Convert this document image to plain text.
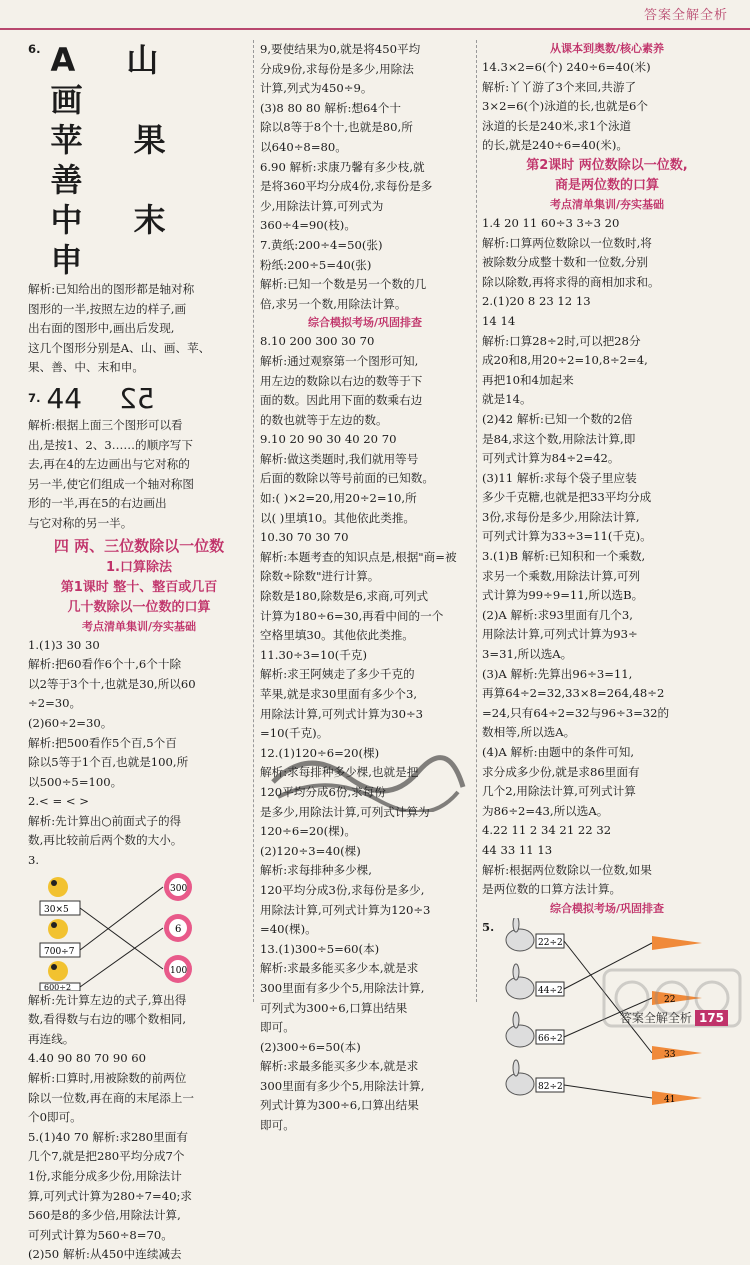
答案全解全析
6. A 山 画
苹 果 善
中 末 申

解析:已知给出的图形都是轴对称

图形的一半,按照左边的样子,画

出右面的图形中,画出后发现,

这几个图形分别是A、山、画、苹、

果、善、中、末和申。

7. 44 52

解析:根据上面三个图形可以看

出,是按1、2、3……的顺序写下

去,再在4的左边画出与它对称的

另一半,使它们组成一个轴对称图

形的一半,再在5的右边画出

与它对称的另一半。

四 两、三位数除以一位数
1.口算除法
第1课时 整十、整百或几百
几十数除以一位数的口算
考点清单集训/夯实基础

1.(1)3 30 30

解析:把60看作6个十,6个十除

以2等于3个十,也就是30,所以60

÷2=30。

(2)60÷2=30。

解析:把500看作5个百,5个百

除以5等于1个百,也就是100,所

以500÷5=100。

2.< = < >

解析:先计算出○前面式子的得

数,再比较前后两个数的大小。

3.

30×5
700÷7
600÷2
300
6
100

解析:先计算左边的式子,算出得

数,看得数与右边的哪个数相同,

再连线。

4.40 90 80 70 90 60

解析:口算时,用被除数的前两位

除以一位数,再在商的末尾添上一

个0即可。

5.(1)40 70 解析:求280里面有

几个7,就是把280平均分成7个

1份,求能分成多少份,用除法计

算,可列式计算为280÷7=40;求

560是8的多少倍,用除法计算,

可列式计算为560÷8=70。

(2)50 解析:从450中连续减去

9,要使结果为0,就是将450平均

分成9份,求每份是多少,用除法

计算,列式为450÷9。

(3)8 80 80 解析:想64个十

除以8等于8个十,也就是80,所

以640÷8=80。

6.90 解析:求康乃馨有多少枝,就

是将360平均分成4份,求每份是多

少,用除法计算,可列式为360÷4=90(枝)。

7.黄纸:200÷4=50(张)

粉纸:200÷5=40(张)

解析:已知一个数是另一个数的几

倍,求另一个数,用除法计算。

综合模拟考场/巩固排查

8.10 200 300 30 70

解析:通过观察第一个图形可知,

用左边的数除以右边的数等于下

面的数。因此用下面的数乘右边

的数也就等于左边的数。

9.10 20 90 30 40 20 70

解析:做这类题时,我们就用等号

后面的数除以等号前面的已知数。

如:( )×2=20,用20÷2=10,所

以( )里填10。其他依此类推。

10.30 70 30 70

解析:本题考查的知识点是,根据"商=被

除数÷除数"进行计算。

除数是180,除数是6,求商,可列式

计算为180÷6=30,再看中间的一个

空格里填30。其他依此类推。

11.30÷3=10(千克)

解析:求王阿姨走了多少千克的

苹果,就是求30里面有多少个3,

用除法计算,可列式计算为30÷3

=10(千克)。

12.(1)120÷6=20(棵)

解析:求每排种多少棵,也就是把

120平均分成6份,求每份

是多少,用除法计算,可列式计算为

120÷6=20(棵)。

(2)120÷3=40(棵)

解析:求每排种多少棵,

120平均分成3份,求每份是多少,

用除法计算,可列式计算为120÷3

=40(棵)。

13.(1)300÷5=60(本)

解析:求最多能买多少本,就是求

300里面有多少个5,用除法计算,

可列式为300÷6,口算出结果

即可。

(2)300÷6=50(本)

解析:求最多能买多少本,就是求

300里面有多少个5,用除法计算,

列式计算为300÷6,口算出结果

即可。

从课本到奥数/核心素养

14.3×2=6(个) 240÷6=40(米)

解析:丫丫游了3个来回,共游了

3×2=6(个)泳道的长,也就是6个

泳道的长是240米,求1个泳道

的长,就是240÷6=40(米)。

第2课时 两位数除以一位数,
商是两位数的口算
考点清单集训/夯实基础

1.4 20 11 60÷3 3÷3 20

解析:口算两位数除以一位数时,将

被除数分成整十数和一位数,分别

除以除数,再将求得的商相加求和。

2.(1)20 8 23 12 13

14 14

解析:口算28÷2时,可以把28分

成20和8,用20÷2=10,8÷2=4,

再把10和4加起来

就是14。

(2)42 解析:已知一个数的2倍

是84,求这个数,用除法计算,即

可列式计算为84÷2=42。

(3)11 解析:求每个袋子里应装

多少千克糖,也就是把33平均分成

3份,求每份是多少,用除法计算,

可列式计算为33÷3=11(千克)。

3.(1)B 解析:已知积和一个乘数,

求另一个乘数,用除法计算,可列

式计算为99÷9=11,所以选B。

(2)A 解析:求93里面有几个3,

用除法计算,可列式计算为93÷

3=31,所以选A。

(3)A 解析:先算出96÷3=11,

再算64÷2=32,33×8=264,48÷2

=24,只有64÷2=32与96÷3=32的

数相等,所以选A。

(4)A 解析:由题中的条件可知,

求分成多少份,就是求86里面有

几个2,用除法计算,可列式计算

为86÷2=43,所以选A。

4.22 11 2 34 21 22 32

44 33 11 13

解析:根据两位数除以一位数,如果

是两位数的口算方法计算。

综合模拟考场/巩固排查
5.
22÷2
44÷2
66÷2
82÷2
22
33
41
答案全解全析 175
